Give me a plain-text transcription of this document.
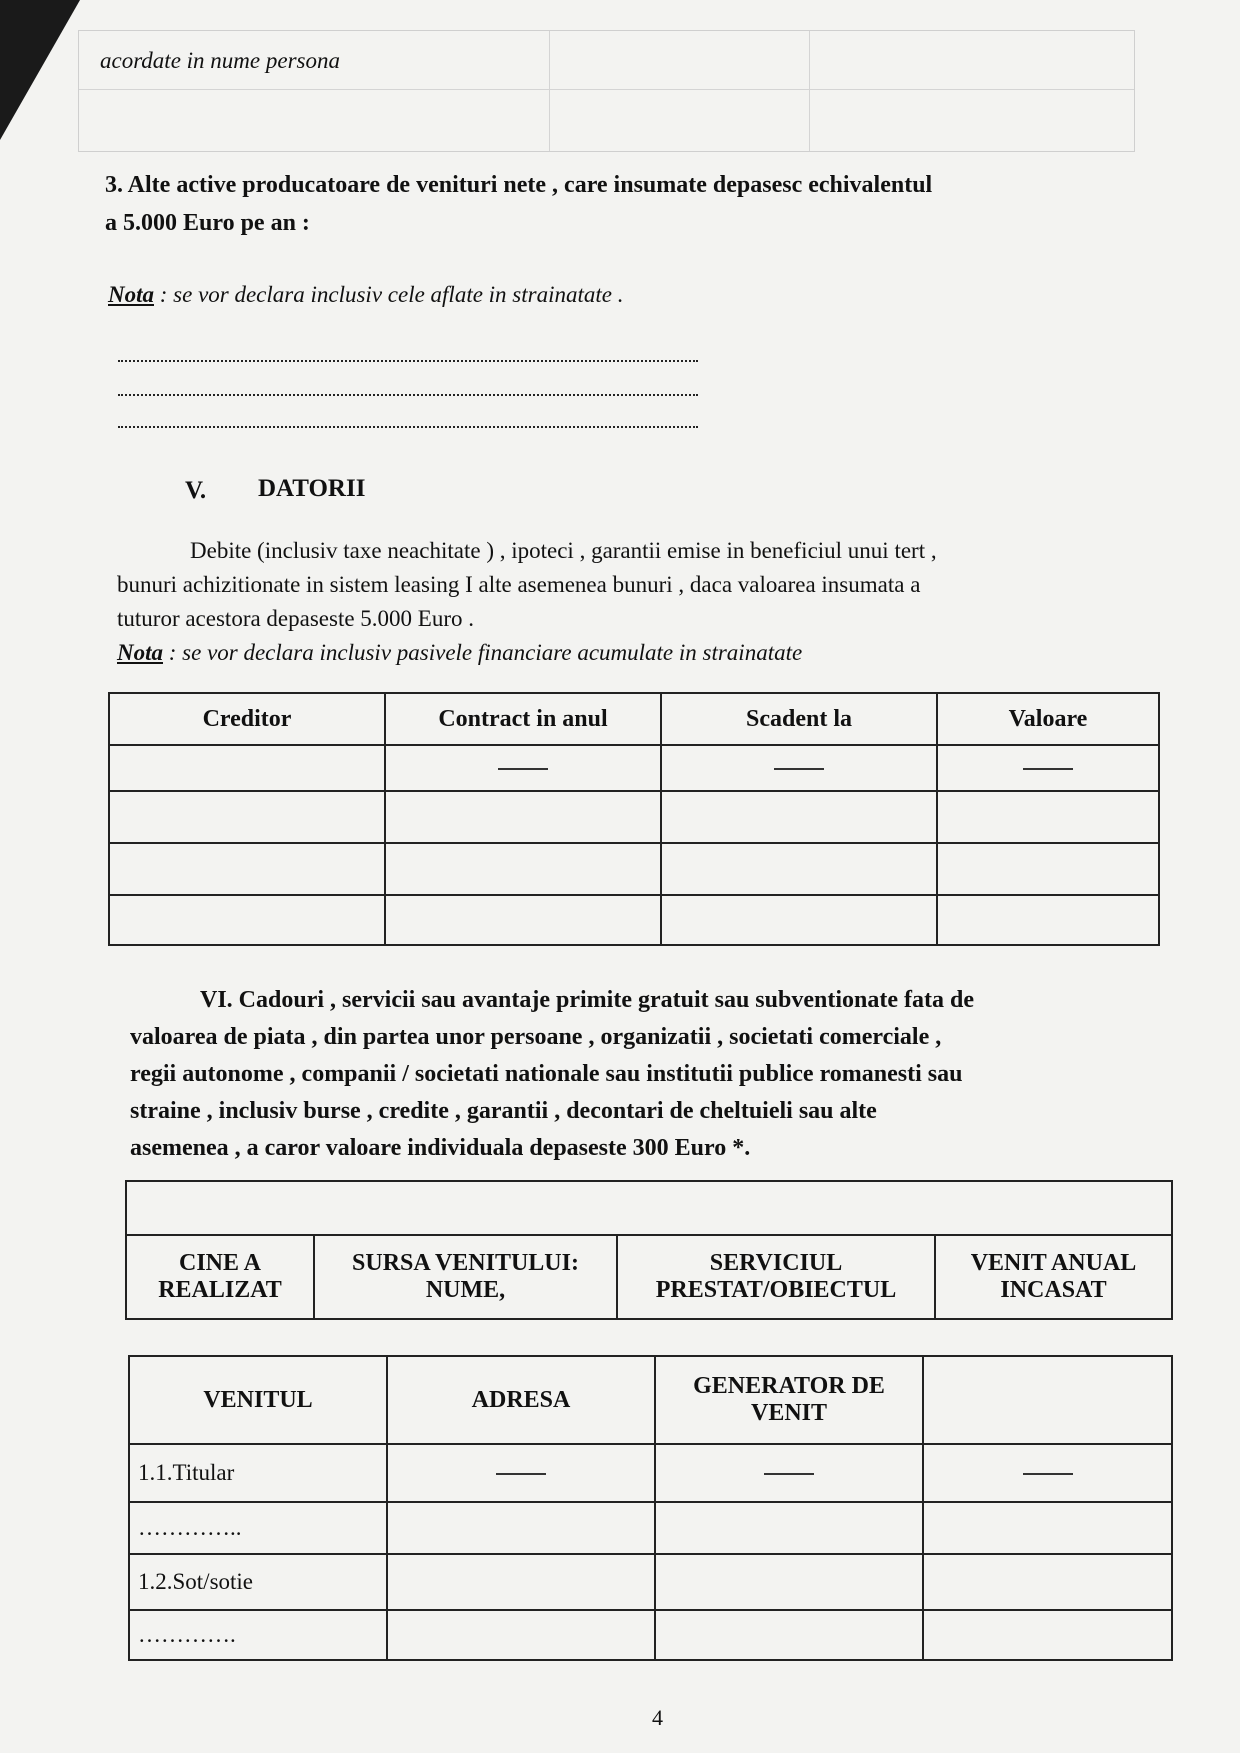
acordate in nume persona
3. Alte active producatoare de venituri nete , care insumate depasesc echivalentul
a 5.000 Euro pe an :
Nota : se vor declara inclusiv cele aflate in strainatate .
V. DATORII
Debite (inclusiv taxe neachitate ) , ipoteci , garantii emise in beneficiul unui tert ,
bunuri achizitionate in sistem leasing I alte asemenea bunuri , daca valoarea insumata a
tuturor acestora depaseste 5.000 Euro .
Nota : se vor declara inclusiv pasivele financiare acumulate in strainatate
Creditor	Contract in anul	Scadent la	Valoare

VI. Cadouri , servicii sau avantaje primite gratuit sau subventionate fata de
valoarea de piata , din partea unor persoane , organizatii , societati comerciale ,
regii autonome , companii / societati nationale sau institutii publice romanesti sau
straine , inclusiv burse , credite , garantii , decontari de cheltuieli sau alte
asemenea , a caror valoare individuala depaseste 300 Euro *.

CINE A REALIZAT	SURSA VENITULUI: NUME,	SERVICIUL PRESTAT/OBIECTUL	VENIT ANUAL INCASAT
VENITUL	ADRESA	GENERATOR DE VENIT	
1.1.Titular			
…………..			
1.2.Sot/sotie			
………….			
4
